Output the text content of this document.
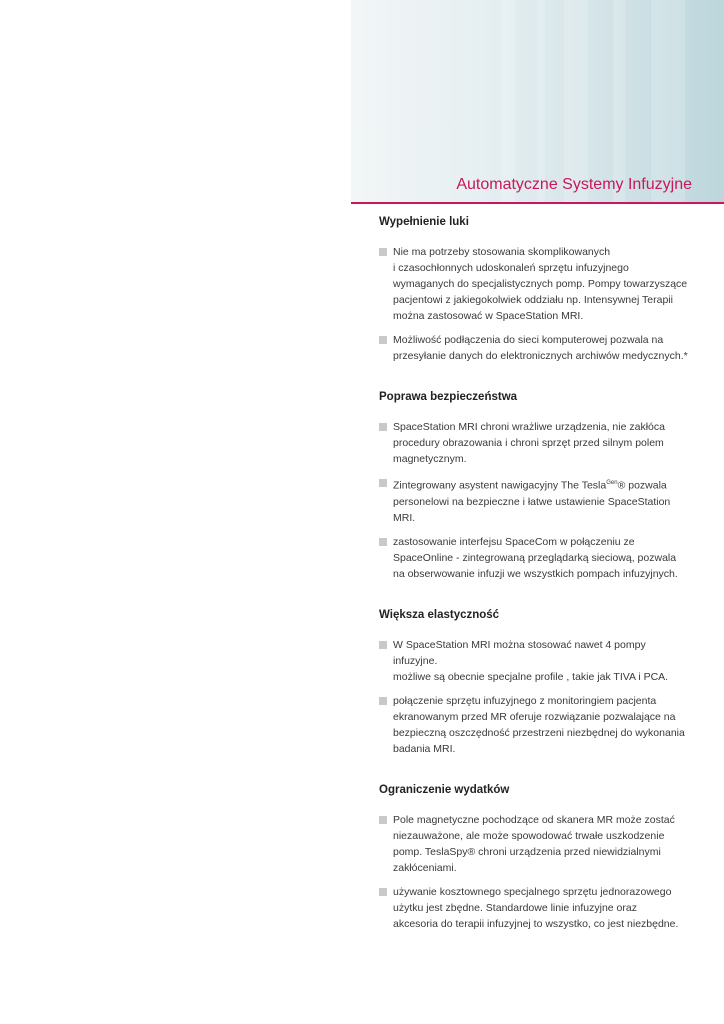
Automatyczne Systemy Infuzyjne
Wypełnienie luki
Nie ma potrzeby stosowania skomplikowanych
i czasochłonnych udoskonaleń sprzętu infuzyjnego
wymaganych do specjalistycznych pomp. Pompy towarzyszące
pacjentowi z jakiegokolwiek oddziału np. Intensywnej Terapii
można zastosować w SpaceStation MRI.
Możliwość podłączenia do sieci komputerowej pozwala na
przesyłanie danych do elektronicznych archiwów medycznych.*
Poprawa bezpieczeństwa
SpaceStation MRI chroni wrażliwe urządzenia, nie zakłóca
procedury obrazowania i chroni sprzęt przed silnym polem
magnetycznym.
Zintegrowany asystent nawigacyjny The Tesla$^{Gen}$® pozwala
personelowi na bezpieczne i łatwe ustawienie SpaceStation
MRI.
zastosowanie interfejsu SpaceCom w połączeniu ze
SpaceOnline - zintegrowaną przeglądarką sieciową, pozwala
na obserwowanie infuzji we wszystkich pompach infuzyjnych.
Większa elastyczność
W SpaceStation MRI można stosować nawet 4 pompy infuzyjne.
możliwe są obecnie specjalne profile , takie jak TIVA i PCA.
połączenie sprzętu infuzyjnego z monitoringiem pacjenta
ekranowanym przed MR oferuje rozwiązanie pozwalające na
bezpieczną oszczędność przestrzeni niezbędnej do wykonania
badania MRI.
Ograniczenie wydatków
Pole magnetyczne pochodzące od skanera MR może zostać
niezauważone, ale może spowodować trwałe uszkodzenie
pomp. TeslaSpy® chroni urządzenia przed niewidzialnymi
zakłóceniami.
używanie kosztownego specjalnego sprzętu jednorazowego
użytku jest zbędne. Standardowe linie infuzyjne oraz
akcesoria do terapii infuzyjnej to wszystko, co jest niezbędne.
